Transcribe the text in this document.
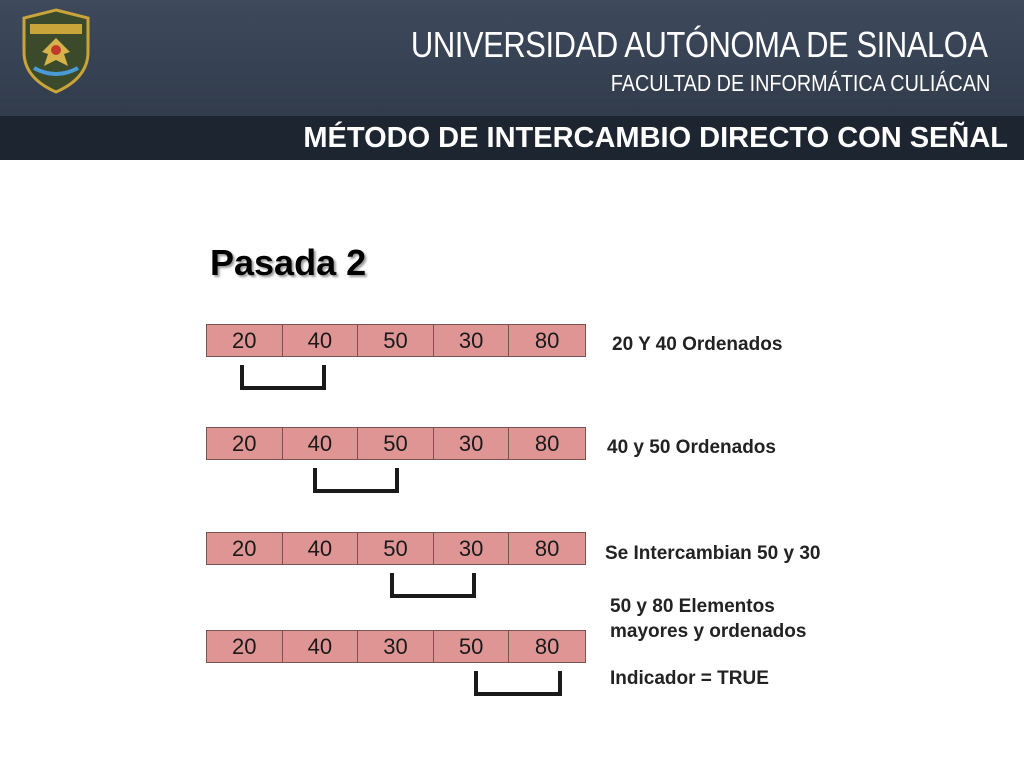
UNIVERSIDAD AUTÓNOMA DE SINALOA
FACULTAD DE INFORMÁTICA CULIÁCAN
MÉTODO DE INTERCAMBIO DIRECTO CON SEÑAL
Pasada 2
20	40	50	30	80	20 Y 40 Ordenados
20	40	50	30	80	40 y 50 Ordenados
20	40	50	30	80	Se Intercambian 50 y 30
20	40	30	50	80
50 y 80 Elementos
mayores y ordenados
Indicador = TRUE
